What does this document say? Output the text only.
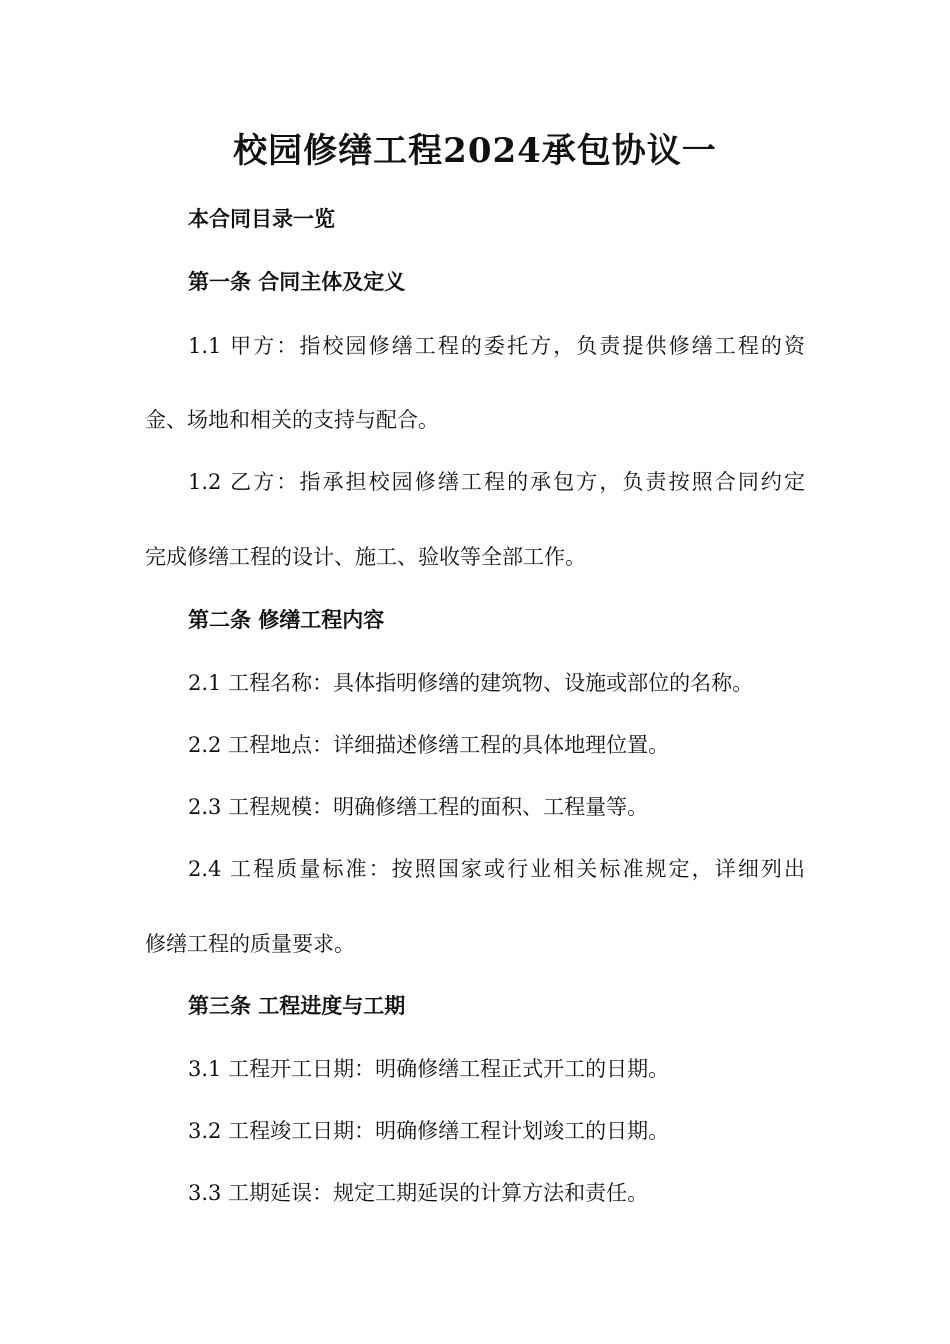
校园修缮工程2024承包协议一
本合同目录一览
第一条 合同主体及定义
1.1 甲方：指校园修缮工程的委托方，负责提供修缮工程的资
金、场地和相关的支持与配合。
1.2 乙方：指承担校园修缮工程的承包方，负责按照合同约定
完成修缮工程的设计、施工、验收等全部工作。
第二条 修缮工程内容
2.1 工程名称：具体指明修缮的建筑物、设施或部位的名称。
2.2 工程地点：详细描述修缮工程的具体地理位置。
2.3 工程规模：明确修缮工程的面积、工程量等。
2.4 工程质量标准：按照国家或行业相关标准规定，详细列出
修缮工程的质量要求。
第三条 工程进度与工期
3.1 工程开工日期：明确修缮工程正式开工的日期。
3.2 工程竣工日期：明确修缮工程计划竣工的日期。
3.3 工期延误：规定工期延误的计算方法和责任。
